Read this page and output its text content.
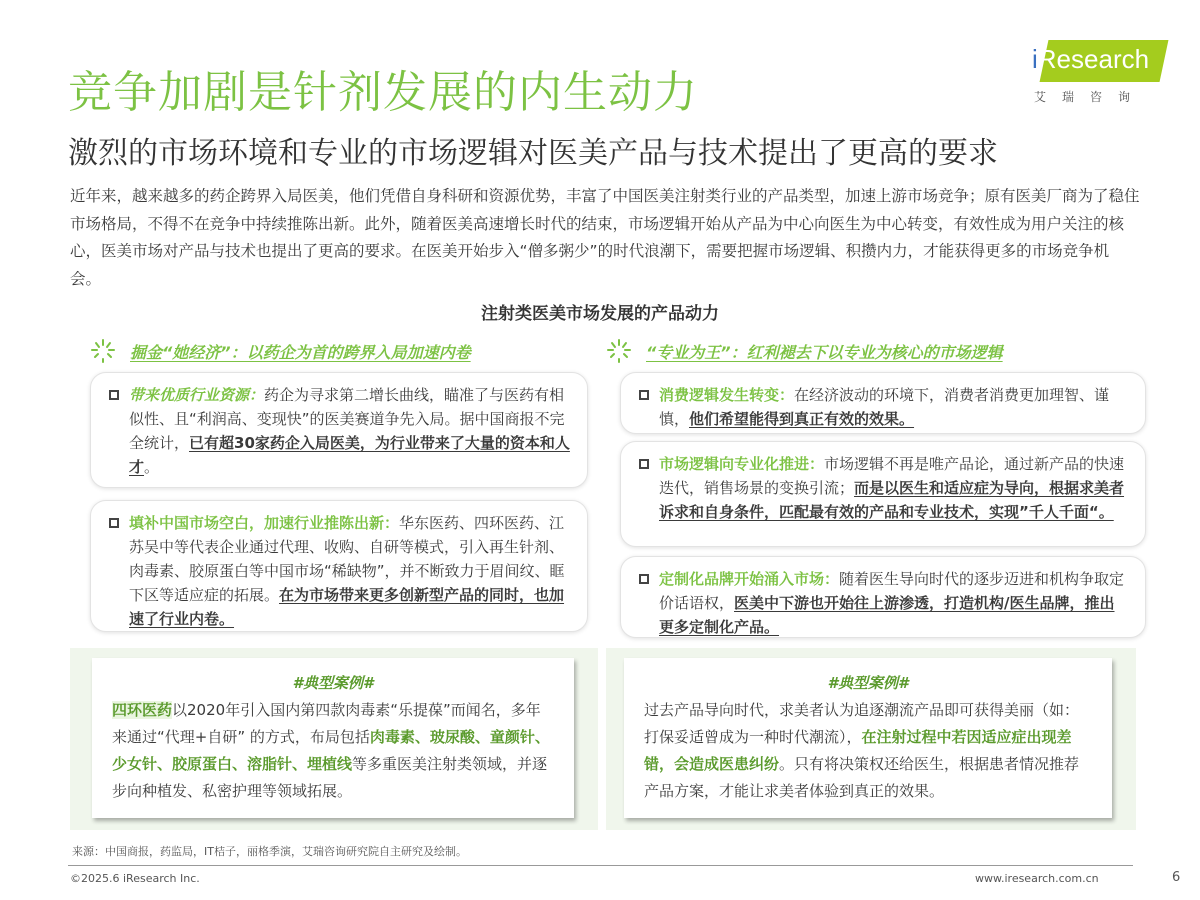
竞争加剧是针剂发展的内生动力
激烈的市场环境和专业的市场逻辑对医美产品与技术提出了更高的要求
iResearch
艾瑞咨询

近年来，越来越多的药企跨界入局医美，他们凭借自身科研和资源优势，丰富了中国医美注射类行业的产品类型，加速上游市场竞争；原有医美厂商为了稳住市场格局，不得不在竞争中持续推陈出新。此外，随着医美高速增长时代的结束，市场逻辑开始从产品为中心向医生为中心转变，有效性成为用户关注的核心，医美市场对产品与技术也提出了更高的要求。在医美开始步入“僧多粥少”的时代浪潮下，需要把握市场逻辑、积攒内力，才能获得更多的市场竞争机会。

注射类医美市场发展的产品动力
掘金“她经济”：以药企为首的跨界入局加速内卷
带来优质行业资源：药企为寻求第二增长曲线，瞄准了与医药有相似性、且“利润高、变现快”的医美赛道争先入局。据中国商报不完全统计，已有超30家药企入局医美，为行业带来了大量的资本和人才。
填补中国市场空白，加速行业推陈出新：华东医药、四环医药、江苏吴中等代表企业通过代理、收购、自研等模式，引入再生针剂、肉毒素、胶原蛋白等中国市场“稀缺物”，并不断致力于眉间纹、眶下区等适应症的拓展。在为市场带来更多创新型产品的同时，也加速了行业内卷。
“专业为王”：红利褪去下以专业为核心的市场逻辑
消费逻辑发生转变：在经济波动的环境下，消费者消费更加理智、谨慎，他们希望能得到真正有效的效果。
市场逻辑向专业化推进：市场逻辑不再是唯产品论，通过新产品的快速迭代，销售场景的变换引流；而是以医生和适应症为导向，根据求美者诉求和自身条件，匹配最有效的产品和专业技术，实现”千人千面“。
定制化品牌开始涌入市场：随着医生导向时代的逐步迈进和机构争取定价话语权，医美中下游也开始往上游渗透，打造机构/医生品牌，推出更多定制化产品。
#典型案例#
四环医药以2020年引入国内第四款肉毒素“乐提葆”而闻名，多年来通过“代理+自研” 的方式，布局包括肉毒素、玻尿酸、童颜针、少女针、胶原蛋白、溶脂针、埋植线等多重医美注射类领域，并逐步向种植发、私密护理等领域拓展。
#典型案例#
过去产品导向时代，求美者认为追逐潮流产品即可获得美丽（如：打保妥适曾成为一种时代潮流），在注射过程中若因适应症出现差错，会造成医患纠纷。只有将决策权还给医生，根据患者情况推荐产品方案，才能让求美者体验到真正的效果。
来源：中国商报，药监局，IT桔子，丽格季演，艾瑞咨询研究院自主研究及绘制。
©2025.6 iResearch Inc.	www.iresearch.com.cn	6
